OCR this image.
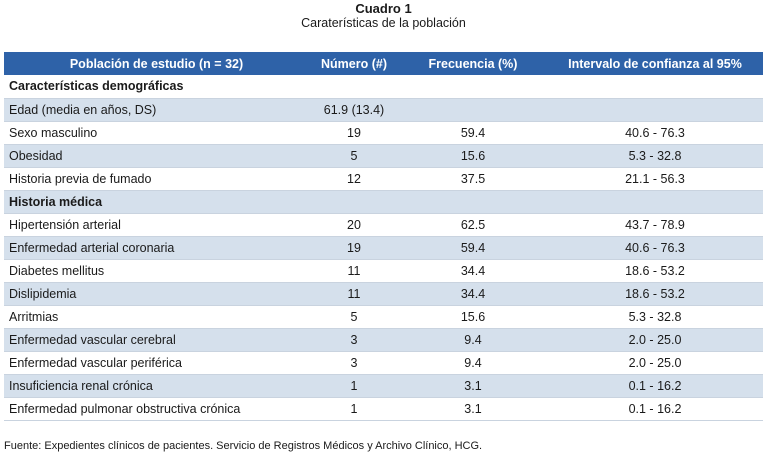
Cuadro 1
Caraterísticas de la población
Población de estudio (n = 32)	Número (#)	Frecuencia (%)	Intervalo de confianza al 95%
Características demográficas			
Edad (media en años, DS)	61.9 (13.4)		
Sexo masculino	19	59.4	40.6 - 76.3
Obesidad	5	15.6	5.3 - 32.8
Historia previa de fumado	12	37.5	21.1 - 56.3
Historia médica			
Hipertensión arterial	20	62.5	43.7 - 78.9
Enfermedad arterial coronaria	19	59.4	40.6 - 76.3
Diabetes mellitus	11	34.4	18.6 - 53.2
Dislipidemia	11	34.4	18.6 - 53.2
Arritmias	5	15.6	5.3 - 32.8
Enfermedad vascular cerebral	3	9.4	2.0 - 25.0
Enfermedad vascular periférica	3	9.4	2.0 - 25.0
Insuficiencia renal crónica	1	3.1	0.1 - 16.2
Enfermedad pulmonar obstructiva crónica	1	3.1	0.1 - 16.2
Fuente: Expedientes clínicos de pacientes. Servicio de Registros Médicos y Archivo Clínico, HCG.
